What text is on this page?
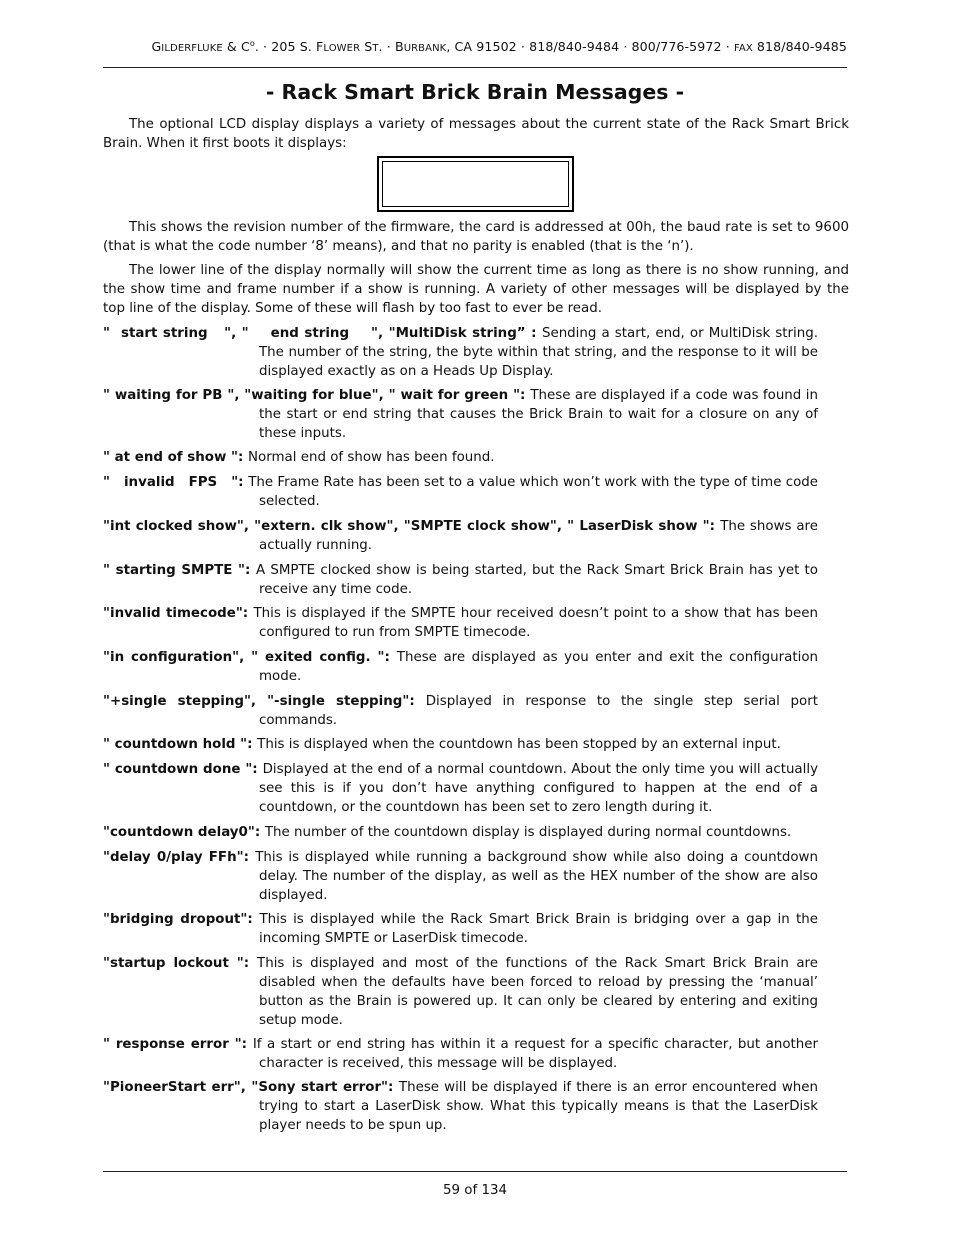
GILDERFLUKE & $C^o$. · 205 S. FLOWER ST. · BURBANK, CA 91502 · 818/840-9484 · 800/776-5972 · FAX 818/840-9485
- Rack Smart Brick Brain Messages -

The optional LCD display displays a variety of messages about the current state of the Rack Smart Brick Brain. When it first boots it displays:

This shows the revision number of the firmware, the card is addressed at 00h, the baud rate is set to 9600 (that is what the code number ‘8’ means), and that no parity is enabled (that is the ‘n’).

The lower line of the display normally will show the current time as long as there is no show running, and the show time and frame number if a show is running. A variety of other messages will be displayed by the top line of the display. Some of these will flash by too fast to ever be read.

"  start string   ", "    end string    ", "MultiDisk string” : Sending a start, end, or MultiDisk string. The number of the string, the byte within that string, and the response to it will be displayed exactly as on a Heads Up Display.

" waiting for PB ", "waiting for blue", " wait for green ": These are displayed if a code was found in the start or end string that causes the Brick Brain to wait for a closure on any of these inputs.

" at end of show ": Normal end of show has been found.

"   invalid   FPS   ": The Frame Rate has been set to a value which won’t work with the type of time code selected.

"int clocked show", "extern. clk show", "SMPTE clock show", " LaserDisk show ": The shows are actually running.

" starting SMPTE ": A SMPTE clocked show is being started, but the Rack Smart Brick Brain has yet to receive any time code.

"invalid timecode": This is displayed if the SMPTE hour received doesn’t point to a show that has been configured to run from SMPTE timecode.

"in configuration", " exited config. ": These are displayed as you enter and exit the configuration mode.

"+single stepping", "-single stepping": Displayed in response to the single step serial port commands.

" countdown hold ": This is displayed when the countdown has been stopped by an external input.

" countdown done ": Displayed at the end of a normal countdown. About the only time you will actually see this is if you don’t have anything configured to happen at the end of a countdown, or the countdown has been set to zero length during it.

"countdown delay0": The number of the countdown display is displayed during normal countdowns.

"delay 0/play FFh": This is displayed while running a background show while also doing a countdown delay. The number of the display, as well as the HEX number of the show are also displayed.

"bridging dropout": This is displayed while the Rack Smart Brick Brain is bridging over a gap in the incoming SMPTE or LaserDisk timecode.

"startup lockout ": This is displayed and most of the functions of the Rack Smart Brick Brain are disabled when the defaults have been forced to reload by pressing the ‘manual’ button as the Brain is powered up. It can only be cleared by entering and exiting setup mode.

" response error ": If a start or end string has within it a request for a specific character, but another character is received, this message will be displayed.

"PioneerStart err", "Sony start error": These will be displayed if there is an error encountered when trying to start a LaserDisk show. What this typically means is that the LaserDisk player needs to be spun up.

59 of 134
